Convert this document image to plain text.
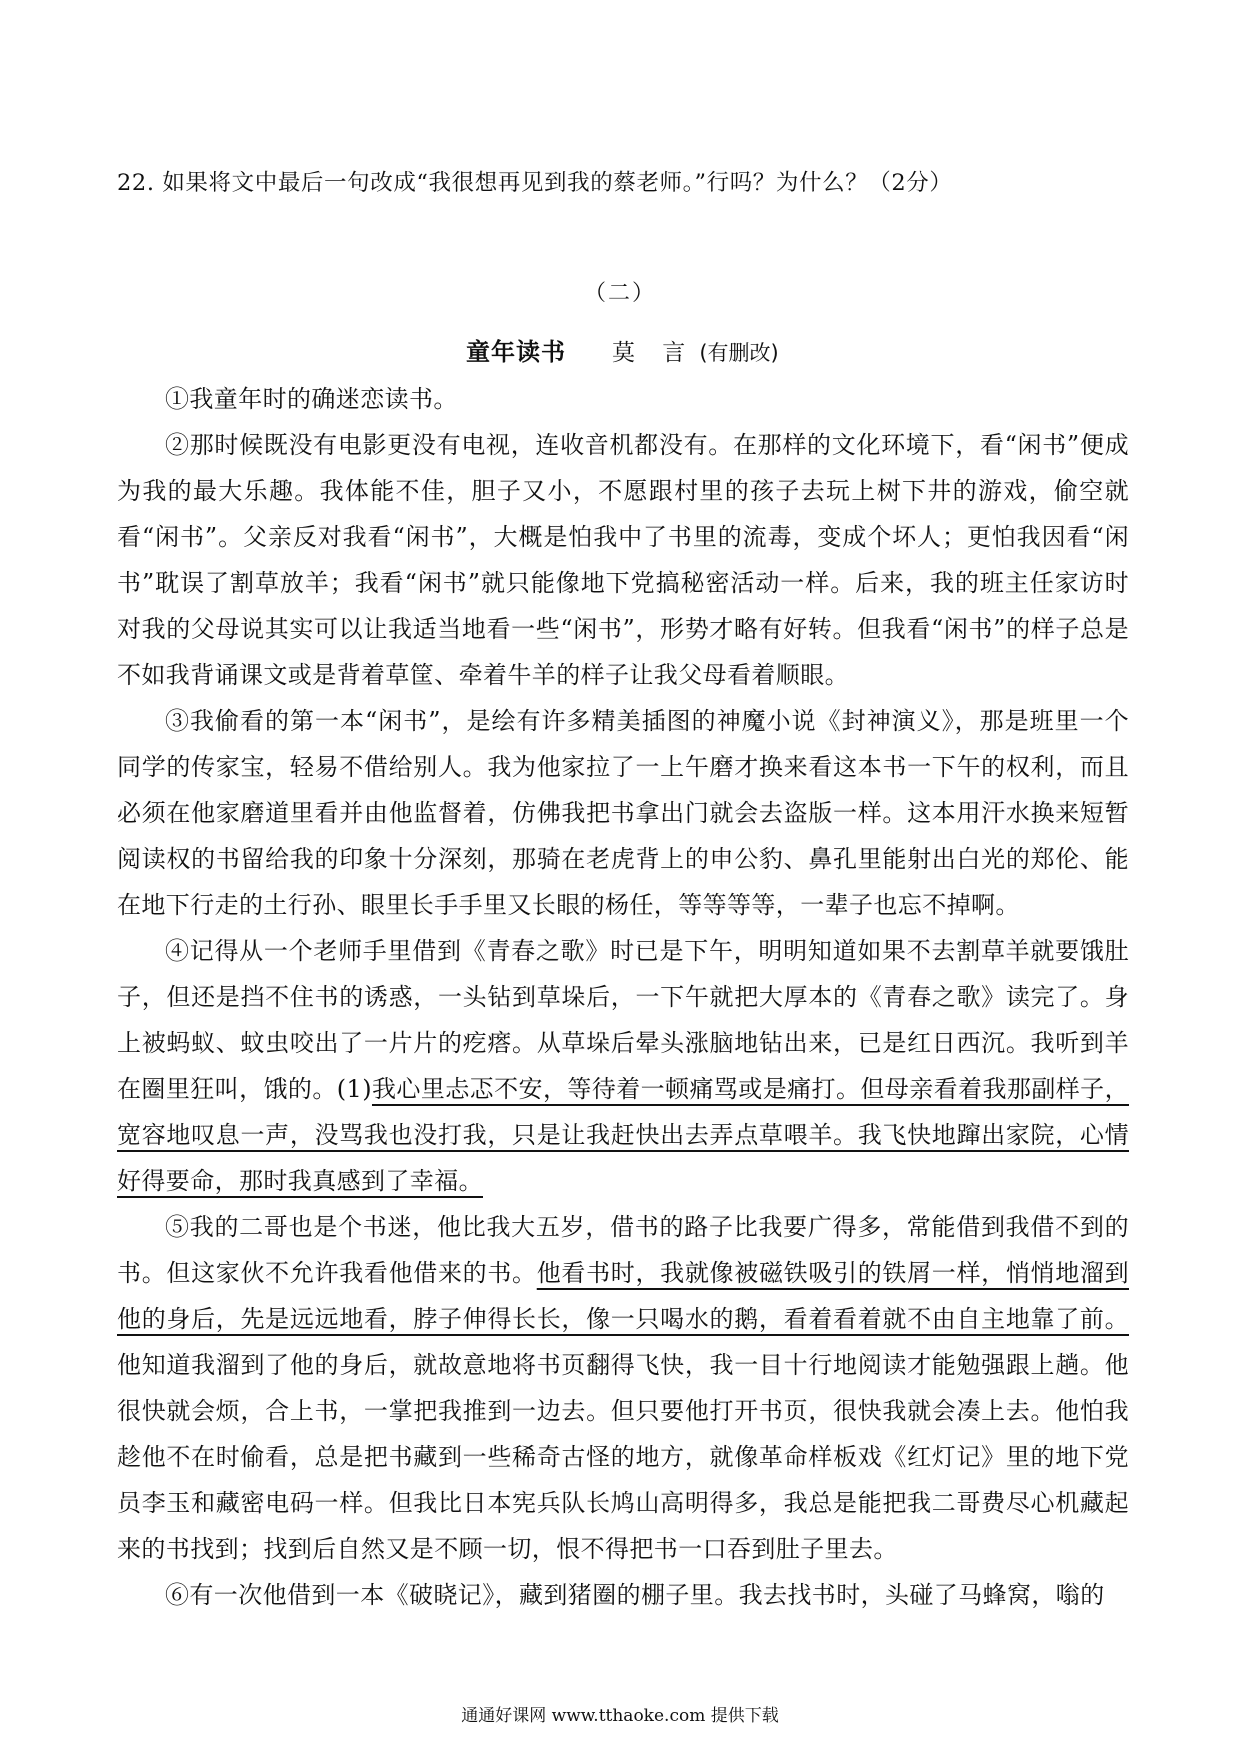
22. 如果将文中最后一句改成“我很想再见到我的蔡老师。”行吗？为什么？（2分）
（二）
童年读书 莫 言 (有删改)

①我童年时的确迷恋读书。

②那时候既没有电影更没有电视，连收音机都没有。在那样的文化环境下，看“闲书”便成为我的最大乐趣。我体能不佳，胆子又小，不愿跟村里的孩子去玩上树下井的游戏，偷空就看“闲书”。父亲反对我看“闲书”，大概是怕我中了书里的流毒，变成个坏人；更怕我因看“闲书”耽误了割草放羊；我看“闲书”就只能像地下党搞秘密活动一样。后来，我的班主任家访时对我的父母说其实可以让我适当地看一些“闲书”，形势才略有好转。但我看“闲书”的样子总是不如我背诵课文或是背着草筐、牵着牛羊的样子让我父母看着顺眼。

③我偷看的第一本“闲书”，是绘有许多精美插图的神魔小说《封神演义》，那是班里一个同学的传家宝，轻易不借给别人。我为他家拉了一上午磨才换来看这本书一下午的权利，而且必须在他家磨道里看并由他监督着，仿佛我把书拿出门就会去盗版一样。这本用汗水换来短暂阅读权的书留给我的印象十分深刻，那骑在老虎背上的申公豹、鼻孔里能射出白光的郑伦、能在地下行走的土行孙、眼里长手手里又长眼的杨任，等等等等，一辈子也忘不掉啊。

④记得从一个老师手里借到《青春之歌》时已是下午，明明知道如果不去割草羊就要饿肚子，但还是挡不住书的诱惑，一头钻到草垛后，一下午就把大厚本的《青春之歌》读完了。身上被蚂蚁、蚊虫咬出了一片片的疙瘩。从草垛后晕头涨脑地钻出来，已是红日西沉。我听到羊在圈里狂叫，饿的。(1)我心里忐忑不安，等待着一顿痛骂或是痛打。但母亲看着我那副样子，宽容地叹息一声，没骂我也没打我，只是让我赶快出去弄点草喂羊。我飞快地蹿出家院，心情好得要命，那时我真感到了幸福。

⑤我的二哥也是个书迷，他比我大五岁，借书的路子比我要广得多，常能借到我借不到的书。但这家伙不允许我看他借来的书。他看书时，我就像被磁铁吸引的铁屑一样，悄悄地溜到他的身后，先是远远地看，脖子伸得长长，像一只喝水的鹅，看着看着就不由自主地靠了前。他知道我溜到了他的身后，就故意地将书页翻得飞快，我一目十行地阅读才能勉强跟上趟。他很快就会烦，合上书，一掌把我推到一边去。但只要他打开书页，很快我就会凑上去。他怕我趁他不在时偷看，总是把书藏到一些稀奇古怪的地方，就像革命样板戏《红灯记》里的地下党员李玉和藏密电码一样。但我比日本宪兵队长鸠山高明得多，我总是能把我二哥费尽心机藏起来的书找到；找到后自然又是不顾一切，恨不得把书一口吞到肚子里去。

⑥有一次他借到一本《破晓记》，藏到猪圈的棚子里。我去找书时，头碰了马蜂窝，嗡的

通通好课网 www.tthaoke.com 提供下载
